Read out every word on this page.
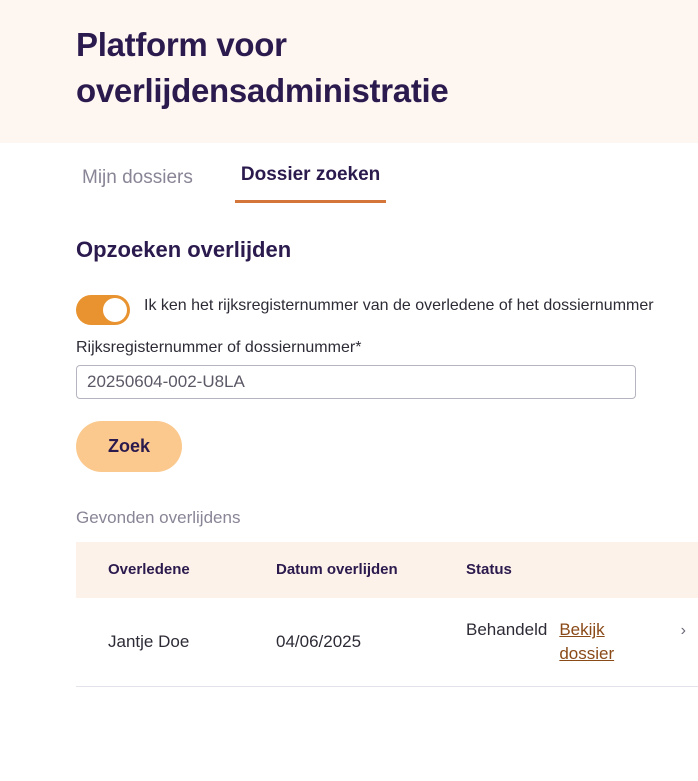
Platform voor overlijdensadministratie
Mijn dossiers	Dossier zoeken
Opzoeken overlijden
Ik ken het rijksregisternummer van de overledene of het dossiernummer
Rijksregisternummer of dossiernummer*
20250604-002-U8LA Zoek
Gevonden overlijdens
Overledene	Datum overlijden	Status
Jantje Doe	04/06/2025	Behandeld Bekijk dossier
›
